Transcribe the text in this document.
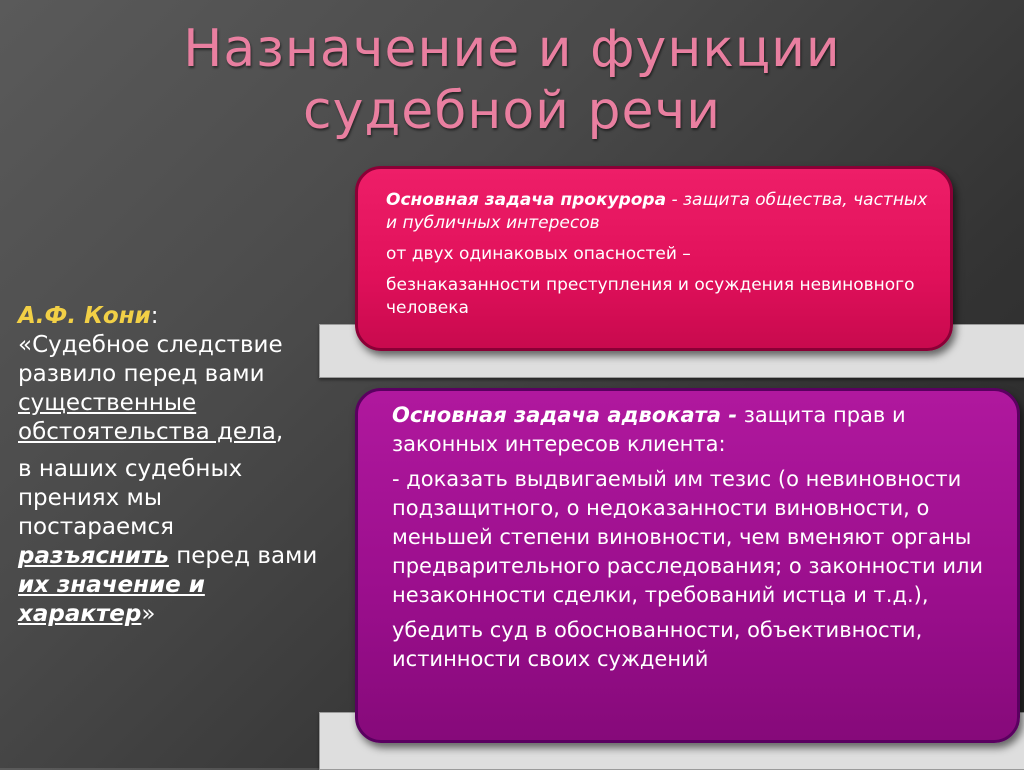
Назначение и функции
судебной речи

А.Ф. Кони:

«Судебное следствие развило перед вами существенные обстоятельства дела,

в наших судебных прениях мы постараемся разъяснить перед вами их значение и характер»

Основная задача прокурора - защита общества, частных и публичных интересов

от двух одинаковых опасностей –

безнаказанности преступления и осуждения невиновного человека

Основная задача адвоката - защита прав и законных интересов клиента:

- доказать выдвигаемый им тезис (о невиновности подзащитного, о недоказанности виновности, о меньшей степени виновности, чем вменяют органы предварительного расследования; о законности или незаконности сделки, требований истца и т.д.),

убедить суд в обоснованности, объективности, истинности своих суждений
